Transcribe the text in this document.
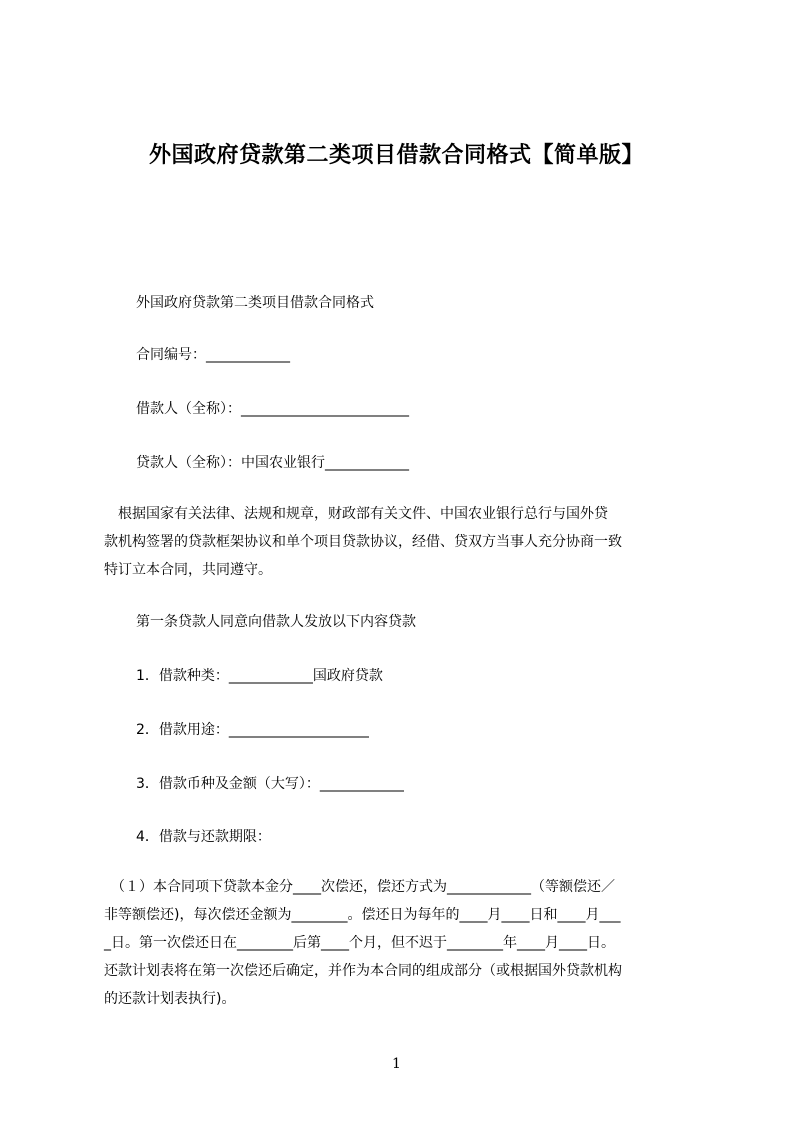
外国政府贷款第二类项目借款合同格式【简单版】
外国政府贷款第二类项目借款合同格式
合同编号：____________
借款人（全称）：________________________
贷款人（全称）：中国农业银行____________
　根据国家有关法律、法规和规章，财政部有关文件、中国农业银行总行与国外贷
款机构签署的贷款框架协议和单个项目贷款协议，经借、贷双方当事人充分协商一致
特订立本合同，共同遵守。
第一条贷款人同意向借款人发放以下内容贷款
1．借款种类：____________国政府贷款
2．借款用途：____________________
3．借款币种及金额（大写）：____________
4．借款与还款期限：
　（１）本合同项下贷款本金分____次偿还，偿还方式为____________（等额偿还／
非等额偿还)，每次偿还金额为________。偿还日为每年的____月____日和____月___
_日。第一次偿还日在________后第____个月，但不迟于________年____月____日。
还款计划表将在第一次偿还后确定，并作为本合同的组成部分（或根据国外贷款机构
的还款计划表执行)。
1
